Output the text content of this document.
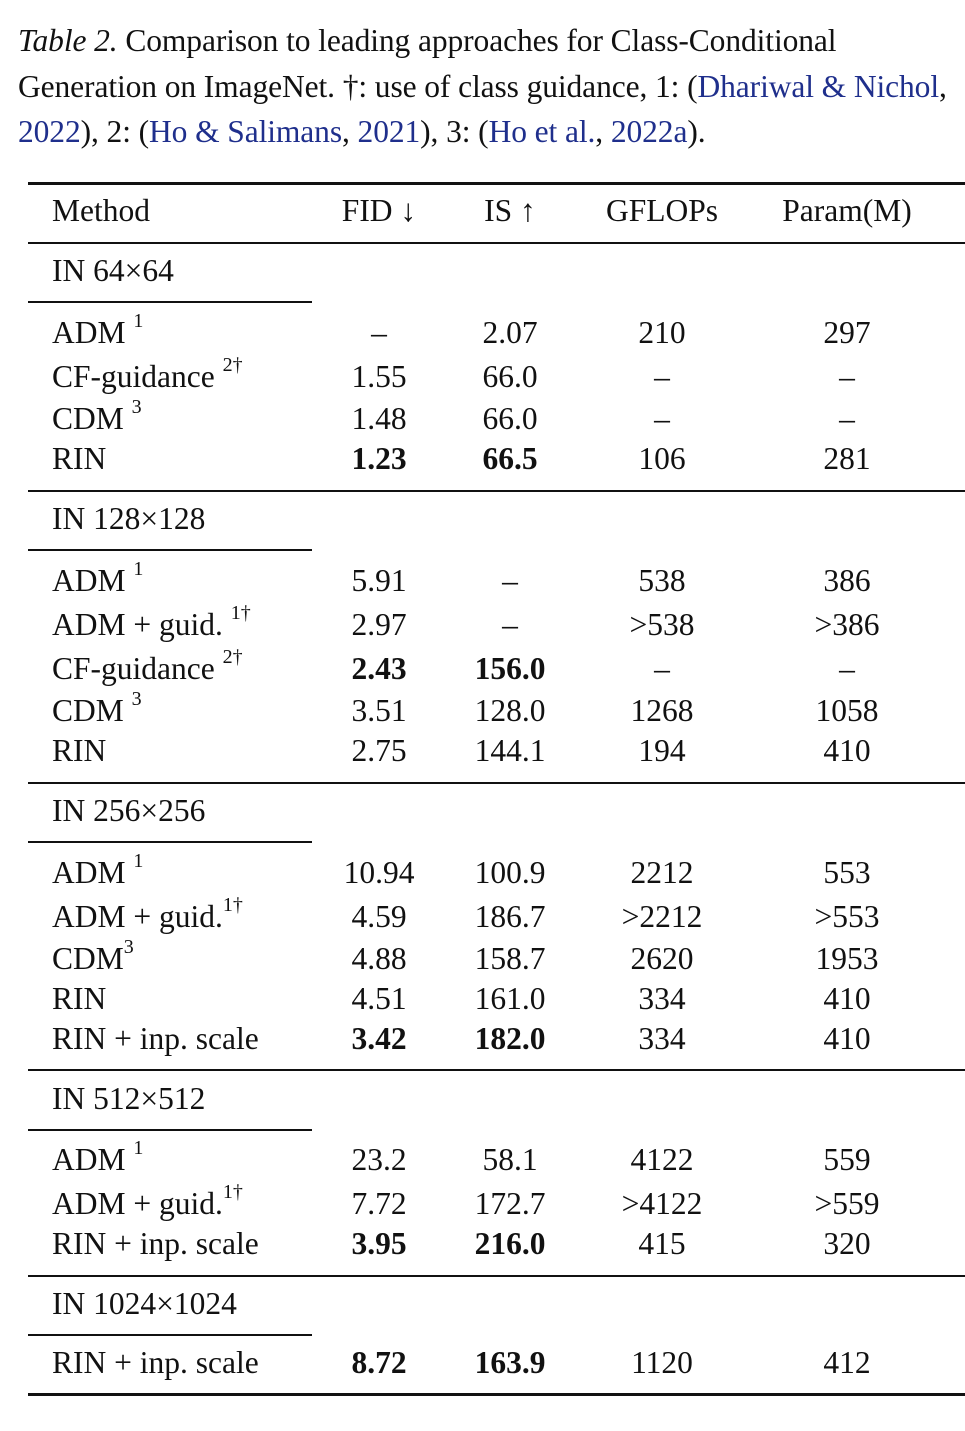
Table 2. Comparison to leading approaches for Class-Conditional Generation on ImageNet. †: use of class guidance, 1: (Dhariwal & Nichol, 2022), 2: (Ho & Salimans, 2021), 3: (Ho et al., 2022a).
Method	FID ↓	IS ↑	GFLOPs	Param(M)
IN 64×64
ADM $^1$	–	2.07	210	297
CF-guidance $^{2\dagger}$	1.55	66.0	–	–
CDM $^3$	1.48	66.0	–	–
RIN	1.23	66.5	106	281
IN 128×128
ADM $^1$	5.91	–	538	386
ADM + guid. $^{1\dagger}$	2.97	–	>538	>386
CF-guidance $^{2\dagger}$	2.43	156.0	–	–
CDM $^3$	3.51	128.0	1268	1058
RIN	2.75	144.1	194	410
IN 256×256
ADM $^1$	10.94	100.9	2212	553
ADM + guid.$^{1\dagger}$	4.59	186.7	>2212	>553
CDM$^3$	4.88	158.7	2620	1953
RIN	4.51	161.0	334	410
RIN + inp. scale	3.42	182.0	334	410
IN 512×512
ADM $^1$	23.2	58.1	4122	559
ADM + guid.$^{1\dagger}$	7.72	172.7	>4122	>559
RIN + inp. scale	3.95	216.0	415	320
IN 1024×1024
RIN + inp. scale	8.72	163.9	1120	412
